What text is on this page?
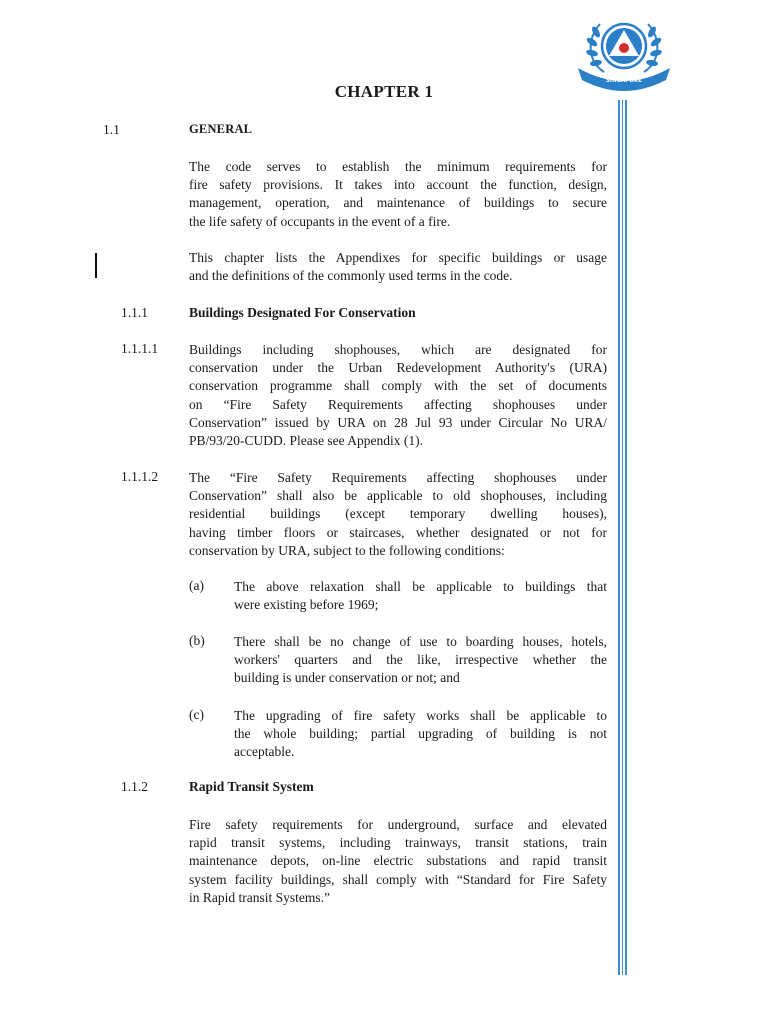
SINGAPORE
CHAPTER 1
1.1	GENERAL
The code serves to establish the minimum requirements for
fire safety provisions. It takes into account the function, design,
management, operation, and maintenance of buildings to secure
the life safety of occupants in the event of a fire.
This chapter lists the Appendixes for specific buildings or usage
and the definitions of the commonly used terms in the code.
1.1.1	Buildings Designated For Conservation
1.1.1.1 Buildings including shophouses, which are designated for
conservation under the Urban Redevelopment Authority's (URA)
conservation programme shall comply with the set of documents
on “Fire Safety Requirements affecting shophouses under
Conservation” issued by URA on 28 Jul 93 under Circular No URA/
PB/93/20-CUDD. Please see Appendix (1).
1.1.1.2 The “Fire Safety Requirements affecting shophouses under
Conservation” shall also be applicable to old shophouses, including
residential buildings (except temporary dwelling houses),
having timber floors or staircases, whether designated or not for
conservation by URA, subject to the following conditions:
(a) The above relaxation shall be applicable to buildings that
were existing before 1969;
(b) There shall be no change of use to boarding houses, hotels,
workers' quarters and the like, irrespective whether the
building is under conservation or not; and
(c) The upgrading of fire safety works shall be applicable to
the whole building; partial upgrading of building is not
acceptable.
1.1.2	Rapid Transit System
Fire safety requirements for underground, surface and elevated
rapid transit systems, including trainways, transit stations, train
maintenance depots, on-line electric substations and rapid transit
system facility buildings, shall comply with “Standard for Fire Safety
in Rapid transit Systems.”
